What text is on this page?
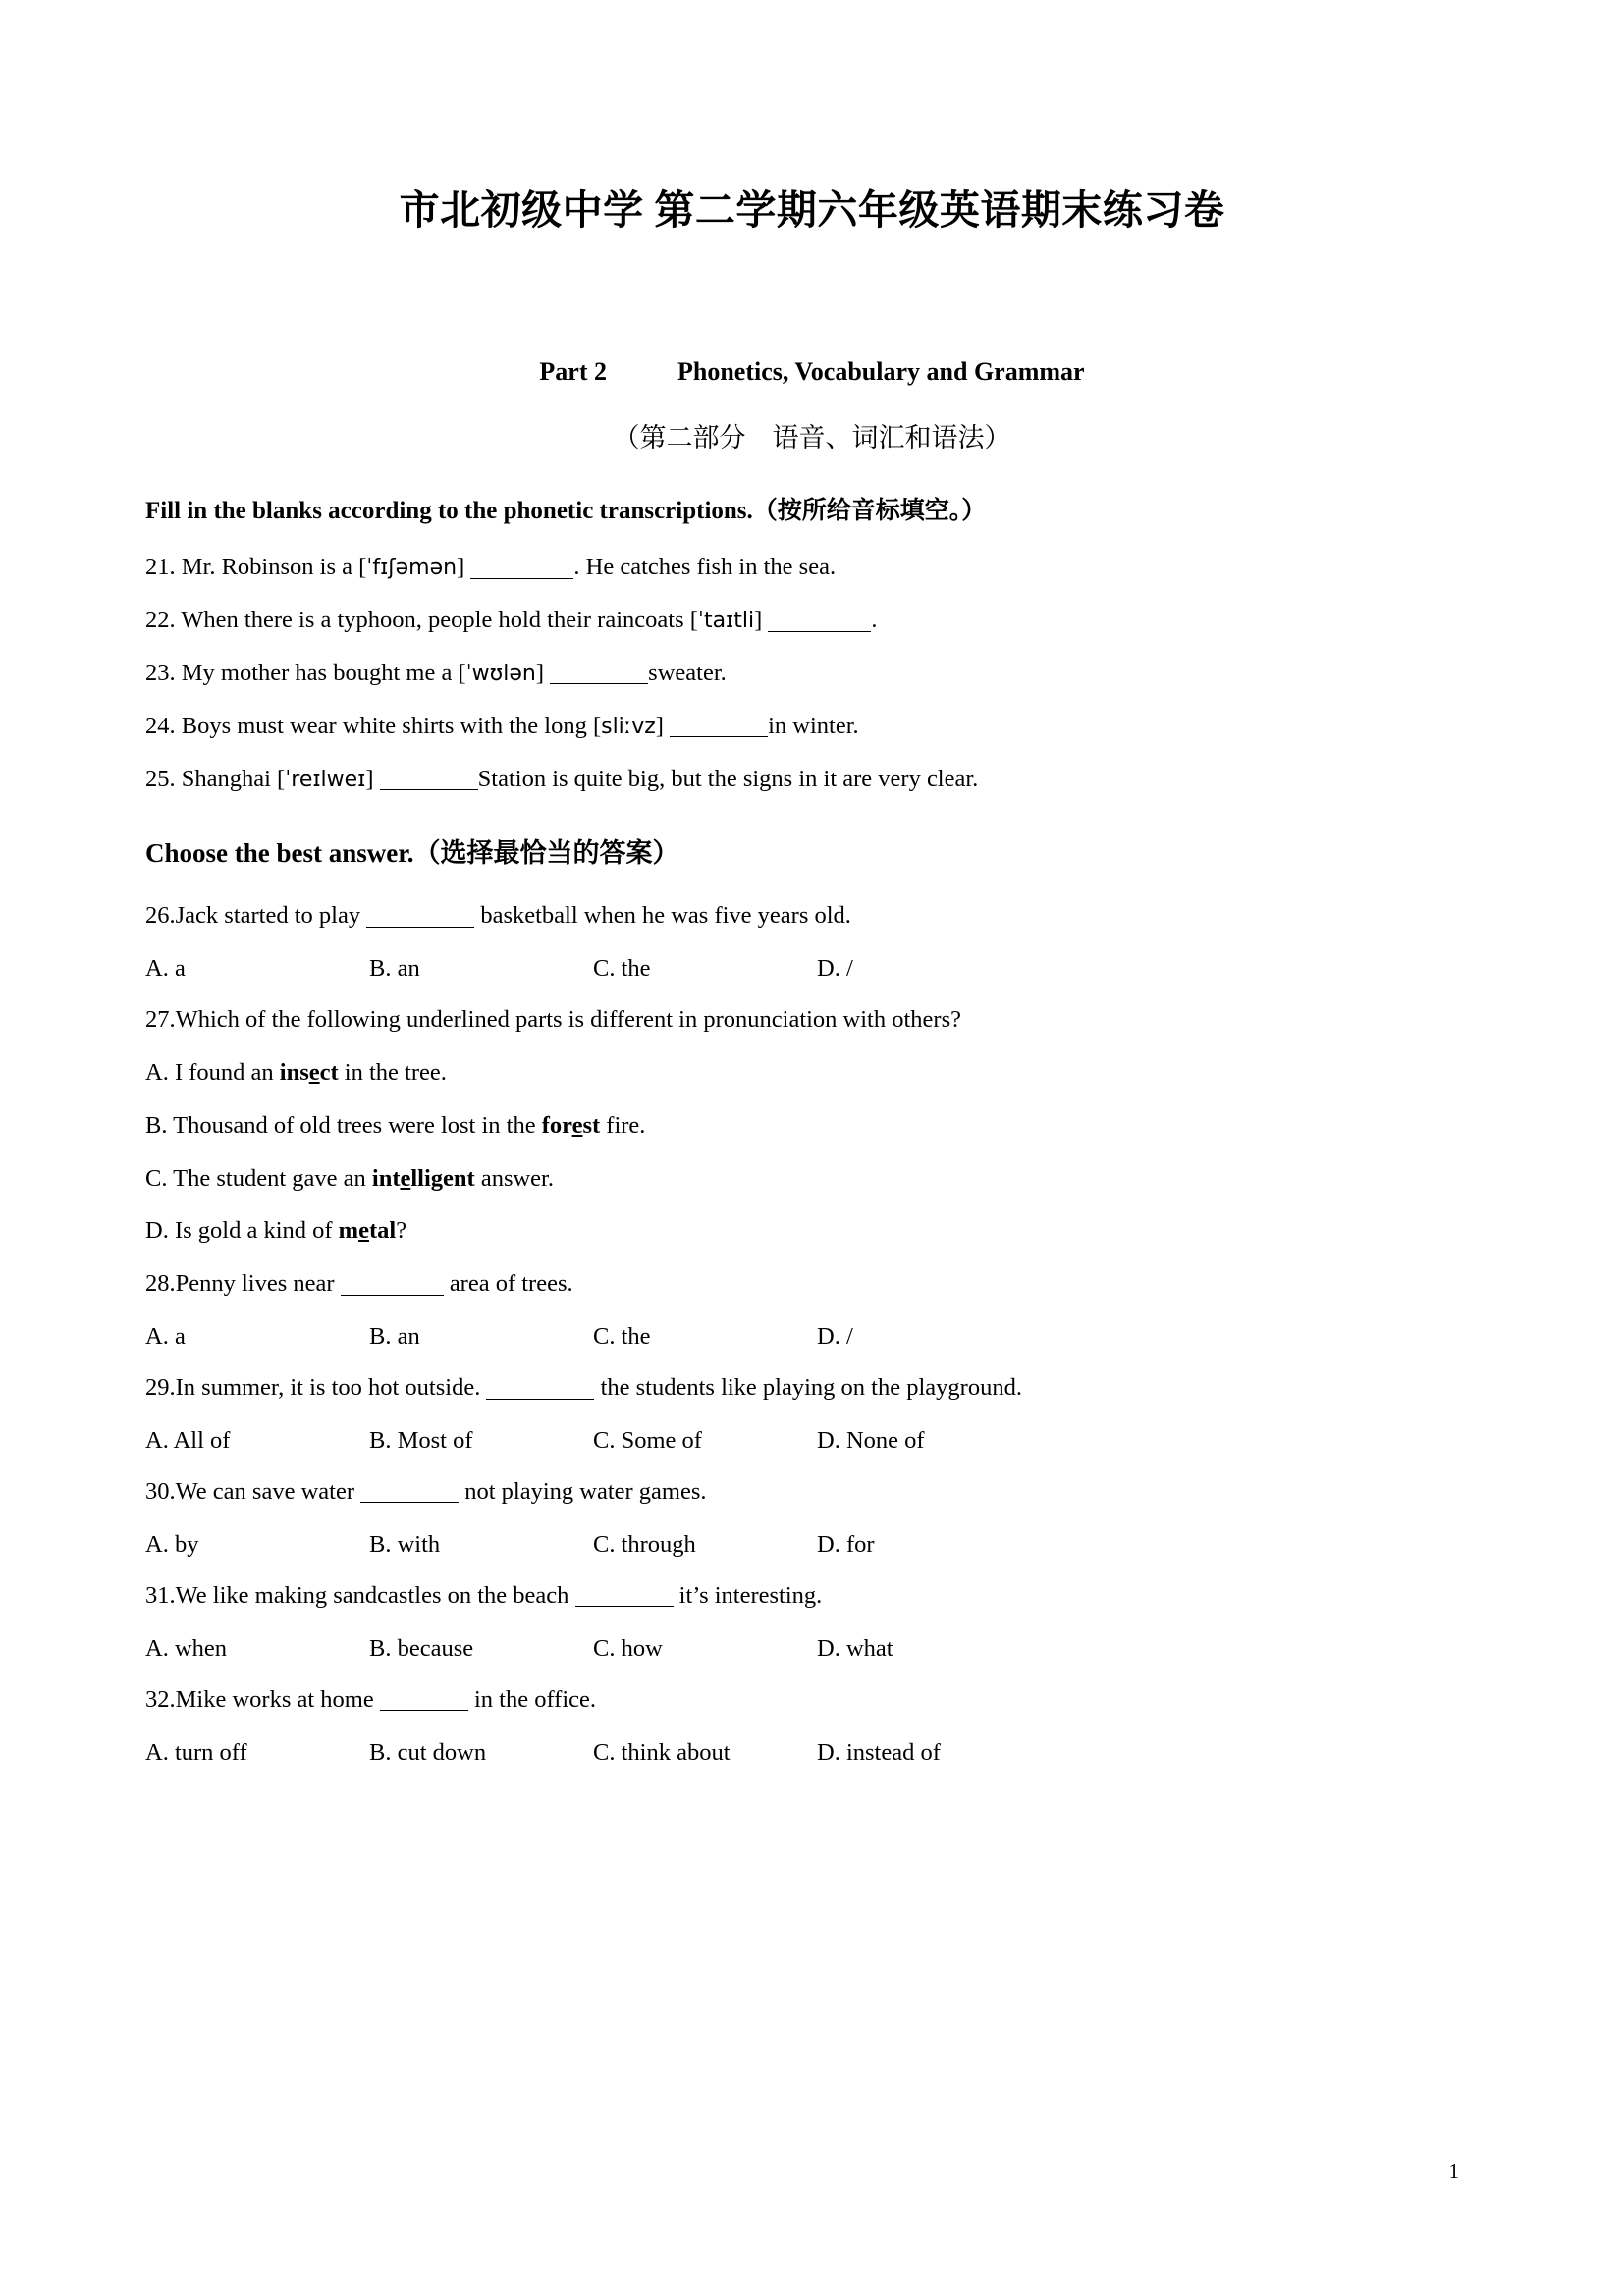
市北初级中学 第二学期六年级英语期末练习卷
Part 2	Phonetics, Vocabulary and Grammar
（第二部分　语音、词汇和语法）
Fill in the blanks according to the phonetic transcriptions.（按所给音标填空。）
21. Mr. Robinson is a [ˈfɪʃəmən]	. He catches fish in the sea.
22. When there is a typhoon, people hold their raincoats [ˈtaɪtli]	.
23. My mother has bought me a [ˈwʊlən]	sweater.
24. Boys must wear white shirts with the long [sliːvz]	in winter.
25. Shanghai [ˈreɪlweɪ]	Station is quite big, but the signs in it are very clear.
Choose the best answer.（选择最恰当的答案）
26.Jack started to play	basketball when he was five years old.
A. a	B. an	C. the	D. /
27.Which of the following underlined parts is different in pronunciation with others?
A. I found an insect in the tree.
B. Thousand of old trees were lost in the forest fire.
C. The student gave an intelligent answer.
D. Is gold a kind of metal?
28.Penny lives near	area of trees.
A. a	B. an	C. the	D. /
29.In summer, it is too hot outside.	the students like playing on the playground.
A. All of	B. Most of	C. Some of	D. None of
30.We can save water	not playing water games.
A. by	B. with	C. through	D. for
31.We like making sandcastles on the beach	it’s interesting.
A. when	B. because	C. how	D. what
32.Mike works at home	in the office.
A. turn off	B. cut down	C. think about	D. instead of
1
